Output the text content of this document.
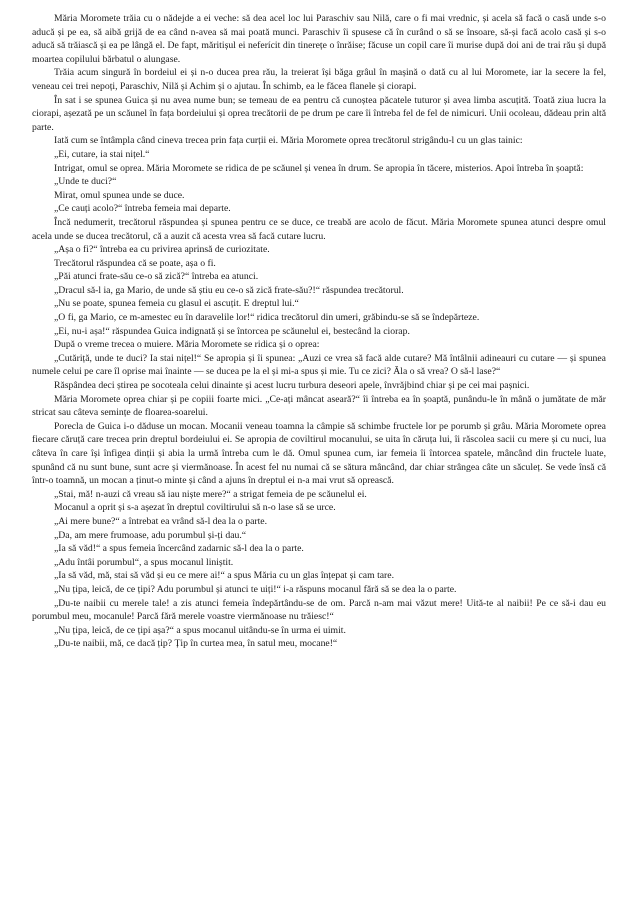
Măria Moromete trăia cu o nădejde a ei veche: să dea acel loc lui Paraschiv sau Nilă, care o fi mai vrednic, și acela să facă o casă unde s-o aducă și pe ea, să aibă grijă de ea când n-avea să mai poată munci. Paraschiv îi spusese că în curând o să se însoare, să-și facă acolo casă și s-o aducă să trăiască și ea pe lângă el. De fapt, măritișul ei neferícit din tinerețe o înrăise; făcuse un copil care îi murise după doi ani de trai rău și după moartea copilului bărbatul o alungase.

Trăia acum singură în bordeiul ei și n-o ducea prea rău, la treierat își băga grâul în mașină o dată cu al lui Moromete, iar la secere la fel, veneau cei trei nepoți, Paraschiv, Nilă și Achim și o ajutau. În schimb, ea le făcea flanele și ciorapi.

În sat i se spunea Guica și nu avea nume bun; se temeau de ea pentru că cunoștea păcatele tuturor și avea limba ascuțită. Toată ziua lucra la ciorapi, așezată pe un scăunel în fața bordeiului și oprea trecătorii de pe drum pe care îi întreba fel de fel de nimicuri. Unii ocoleau, dădeau prin altă parte.

Iată cum se întâmpla când cineva trecea prin fața curții ei. Măria Moromete oprea trecătorul strigându-l cu un glas tainic:

„Ei, cutare, ia stai nițel.“

Intrigat, omul se oprea. Măria Moromete se ridica de pe scăunel și venea în drum. Se apropia în tăcere, misterios. Apoi întreba în șoaptă:

„Unde te duci?“

Mirat, omul spunea unde se duce.

„Ce cauți acolo?“ întreba femeia mai departe.

Încă nedumerit, trecătorul răspundea și spunea pentru ce se duce, ce treabă are acolo de făcut. Măria Moromete spunea atunci despre omul acela unde se ducea trecătorul, că a auzit că acesta vrea să facă cutare lucru.

„Așa o fi?“ întreba ea cu privirea aprinsă de curiozitate.

Trecătorul răspundea că se poate, așa o fi.

„Păi atunci frate-său ce-o să zică?“ întreba ea atunci.

„Dracul să-l ia, ga Mario, de unde să știu eu ce-o să zică frate-său?!“ răspundea trecătorul.

„Nu se poate, spunea femeia cu glasul ei ascuțit. E dreptul lui.“

„O fi, ga Mario, ce m-amestec eu în daravelile lor!“ ridica trecătorul din umeri, grăbindu-se să se îndepărteze.

„Ei, nu-i așa!“ răspundea Guica indignată și se întorcea pe scăunelul ei, bestecând la ciorap.

După o vreme trecea o muiere. Măria Moromete se ridica și o oprea:

„Cutăriță, unde te duci? Ia stai nițel!“ Se apropia și îi spunea: „Auzi ce vrea să facă alde cutare? Mă întâlnii adineauri cu cutare — și spunea numele celui pe care îl oprise mai înainte — se ducea pe la el și mi-a spus și mie. Tu ce zici? Ăla o să vrea? O să-l lase?“

Răspândea deci știrea pe socoteala celui dinainte și acest lucru turbura deseori apele, învrăjbind chiar și pe cei mai pașnici.

Măria Moromete oprea chiar și pe copiii foarte mici. „Ce-ați mâncat aseară?“ îi întreba ea în șoaptă, punându-le în mână o jumătate de măr stricat sau câteva semințe de floarea-soarelui.

Porecla de Guica i-o dăduse un mocan. Mocanii veneau toamna la câmpie să schimbe fructele lor pe porumb și grâu. Măria Moromete oprea fiecare căruță care trecea prin dreptul bordeiului ei. Se apropia de coviltirul mocanului, se uita în căruța lui, îi răscolea sacii cu mere și cu nuci, lua câteva în care își înfigea dinții și abia la urmă întreba cum le dă. Omul spunea cum, iar femeia îi întorcea spatele, mâncând din fructele luate, spunând că nu sunt bune, sunt acre și viermănoase. În acest fel nu numai că se sătura mâncând, dar chiar strângea câte un săculeț. Se vede însă că într-o toamnă, un mocan a ținut-o minte și când a ajuns în dreptul ei n-a mai vrut să oprească.

„Stai, mă! n-auzi că vreau să iau niște mere?“ a strigat femeia de pe scăunelul ei.

Mocanul a oprit și s-a așezat în dreptul coviltirului să n-o lase să se urce.

„Ai mere bune?“ a întrebat ea vrând să-l dea la o parte.

„Da, am mere frumoase, adu porumbul și-ți dau.“

„Ia să văd!“ a spus femeia încercând zadarnic să-l dea la o parte.

„Adu întâi porumbul“, a spus mocanul liniștit.

„Ia să văd, mă, stai să văd și eu ce mere ai!“ a spus Măria cu un glas înțepat și cam tare.

„Nu țipa, leică, de ce țipi? Adu porumbul și atunci te uiți!“ i-a răspuns mocanul fără să se dea la o parte.

„Du-te naibii cu merele tale! a zis atunci femeia îndepărtându-se de om. Parcă n-am mai văzut mere! Uită-te al naibii! Pe ce să-i dau eu porumbul meu, mocanule! Parcă fără merele voastre viermănoase nu trăiesc!“

„Nu țipa, leică, de ce țipi așa?“ a spus mocanul uitându-se în urma ei uimit.

„Du-te naibii, mă, ce dacă țip? Țip în curtea mea, în satul meu, mocane!“
